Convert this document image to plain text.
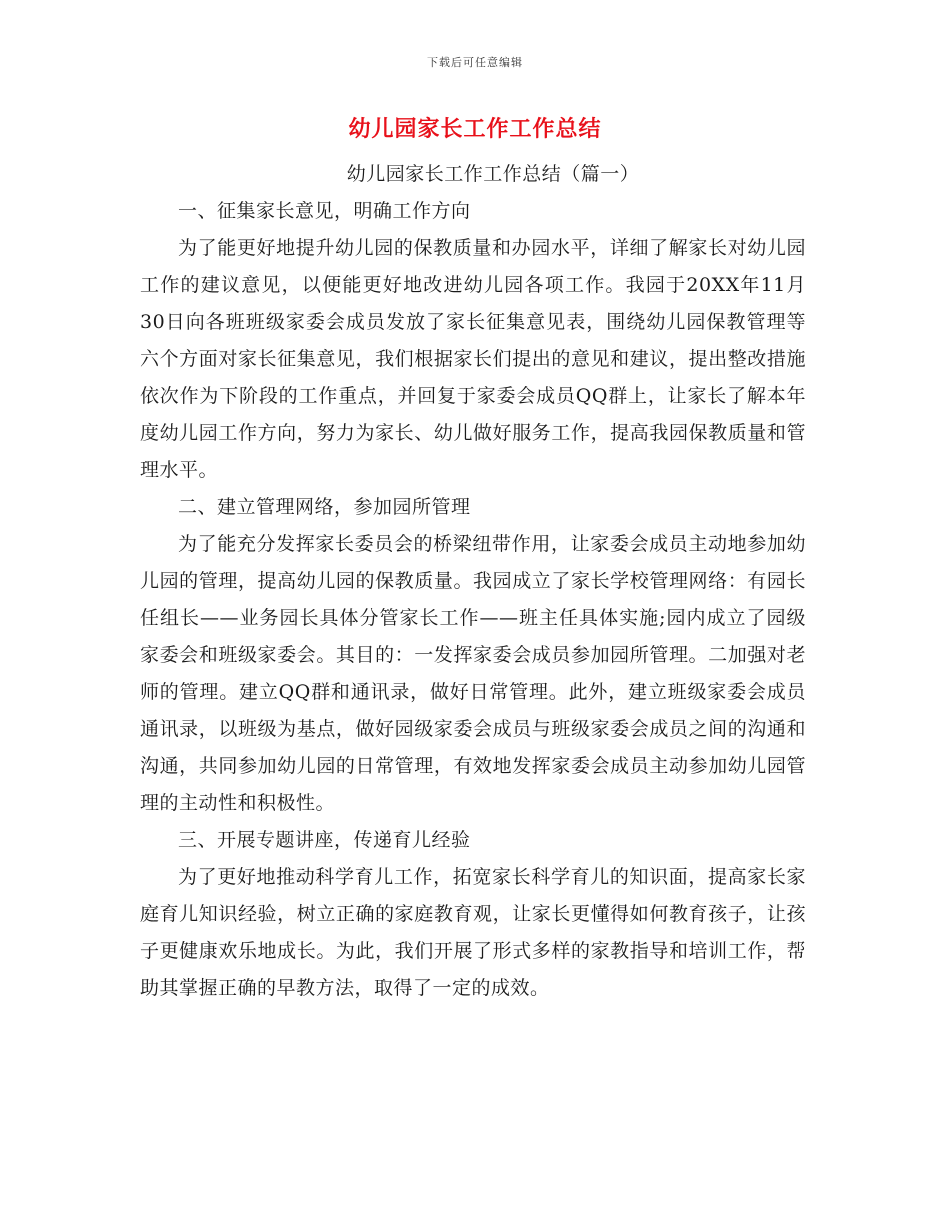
下载后可任意编辑
幼儿园家长工作工作总结

幼儿园家长工作工作总结（篇一）

一、征集家长意见，明确工作方向

为了能更好地提升幼儿园的保教质量和办园水平，详细了解家长对幼儿园工作的建议意见，以便能更好地改进幼儿园各项工作。我园于20XX年11月30日向各班班级家委会成员发放了家长征集意见表，围绕幼儿园保教管理等六个方面对家长征集意见，我们根据家长们提出的意见和建议，提出整改措施依次作为下阶段的工作重点，并回复于家委会成员QQ群上，让家长了解本年度幼儿园工作方向，努力为家长、幼儿做好服务工作，提高我园保教质量和管理水平。

二、建立管理网络，参加园所管理

为了能充分发挥家长委员会的桥梁纽带作用，让家委会成员主动地参加幼儿园的管理，提高幼儿园的保教质量。我园成立了家长学校管理网络：有园长任组长——业务园长具体分管家长工作——班主任具体实施;园内成立了园级家委会和班级家委会。其目的：一发挥家委会成员参加园所管理。二加强对老师的管理。建立QQ群和通讯录，做好日常管理。此外，建立班级家委会成员通讯录，以班级为基点，做好园级家委会成员与班级家委会成员之间的沟通和沟通，共同参加幼儿园的日常管理，有效地发挥家委会成员主动参加幼儿园管理的主动性和积极性。

三、开展专题讲座，传递育儿经验

为了更好地推动科学育儿工作，拓宽家长科学育儿的知识面，提高家长家庭育儿知识经验，树立正确的家庭教育观，让家长更懂得如何教育孩子，让孩子更健康欢乐地成长。为此，我们开展了形式多样的家教指导和培训工作，帮助其掌握正确的早教方法，取得了一定的成效。
